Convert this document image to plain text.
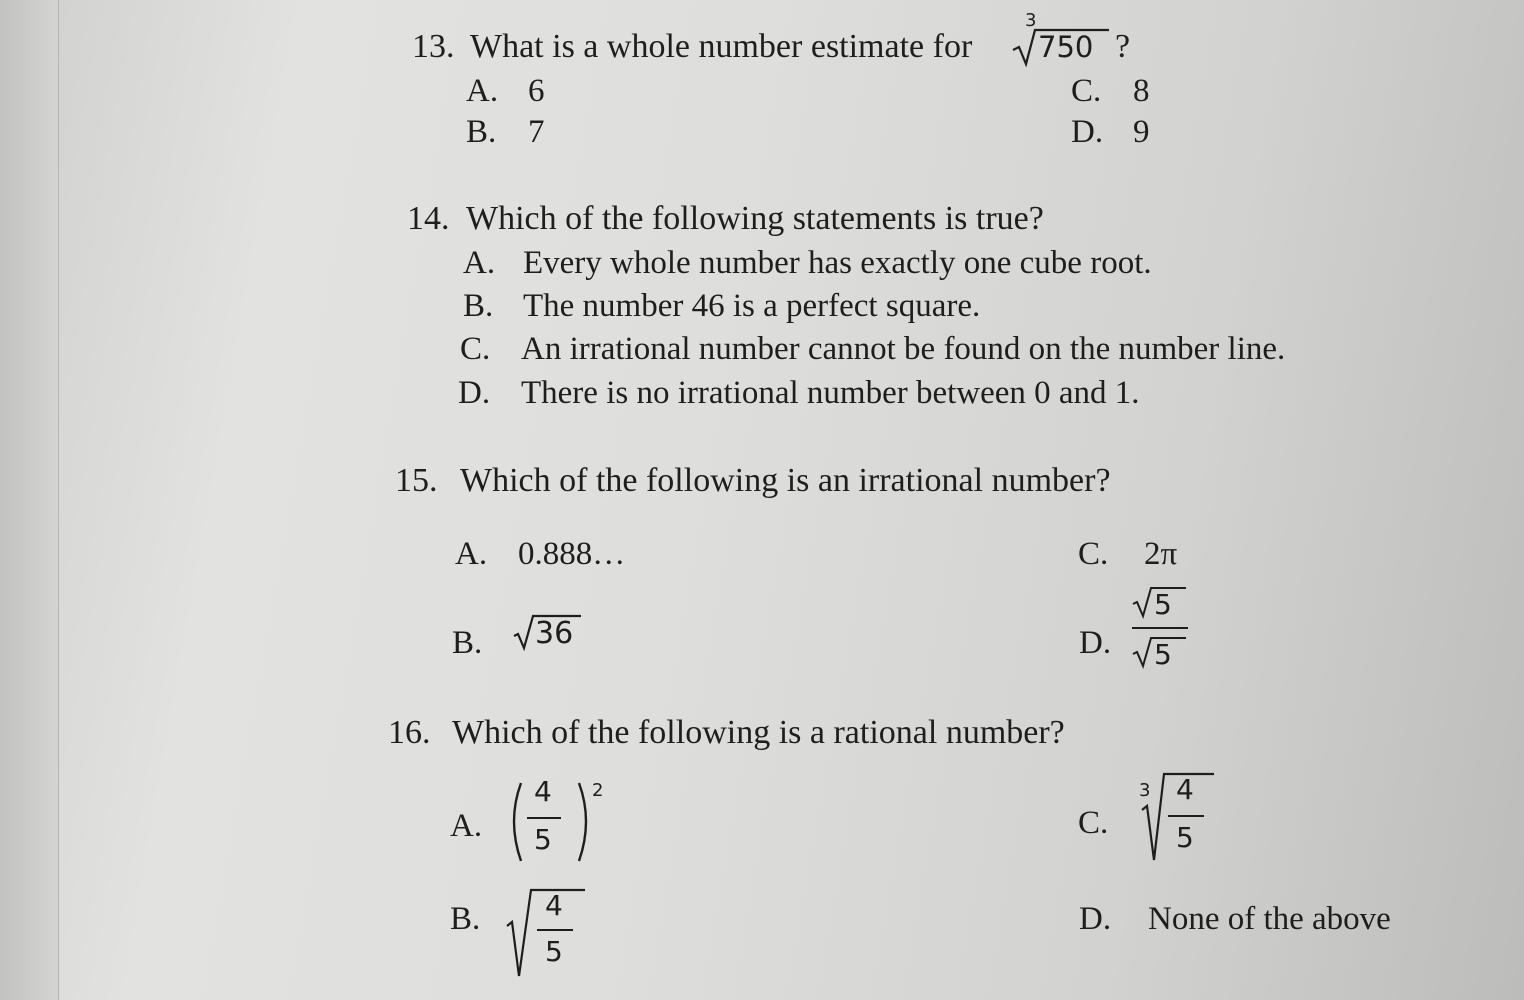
13. What is a whole number estimate for
3
750 ?
A. 6
B. 7
C. 8
D. 9
14. Which of the following statements is true?
A. Every whole number has exactly one cube root.
B. The number 46 is a perfect square.
C. An irrational number cannot be found on the number line.
D. There is no irrational number between 0 and 1.
15. Which of the following is an irrational number?
A. 0.888…
B. 36
C. 2π
D.
5
5
16. Which of the following is a rational number?
A.
4
5
2
B. 4
5
C.
3 4
5
D. None of the above
